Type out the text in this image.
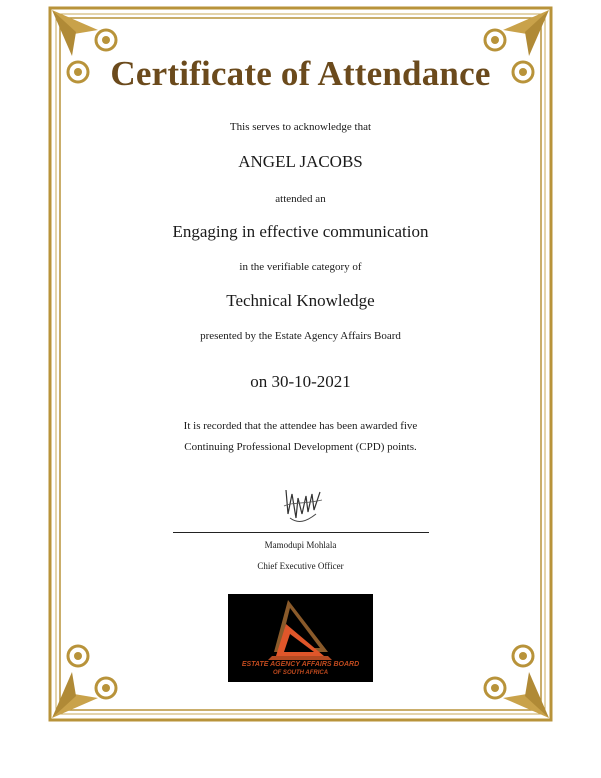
Certificate of Attendance
This serves to acknowledge that
ANGEL JACOBS
attended an
Engaging in effective communication
in the verifiable category of
Technical Knowledge
presented by the Estate Agency Affairs Board
on 30-10-2021
It is recorded that the attendee has been awarded five
Continuing Professional Development (CPD) points.
Mamodupi Mohlala
Chief Executive Officer
ESTATE AGENCY AFFAIRS BOARD
OF SOUTH AFRICA
